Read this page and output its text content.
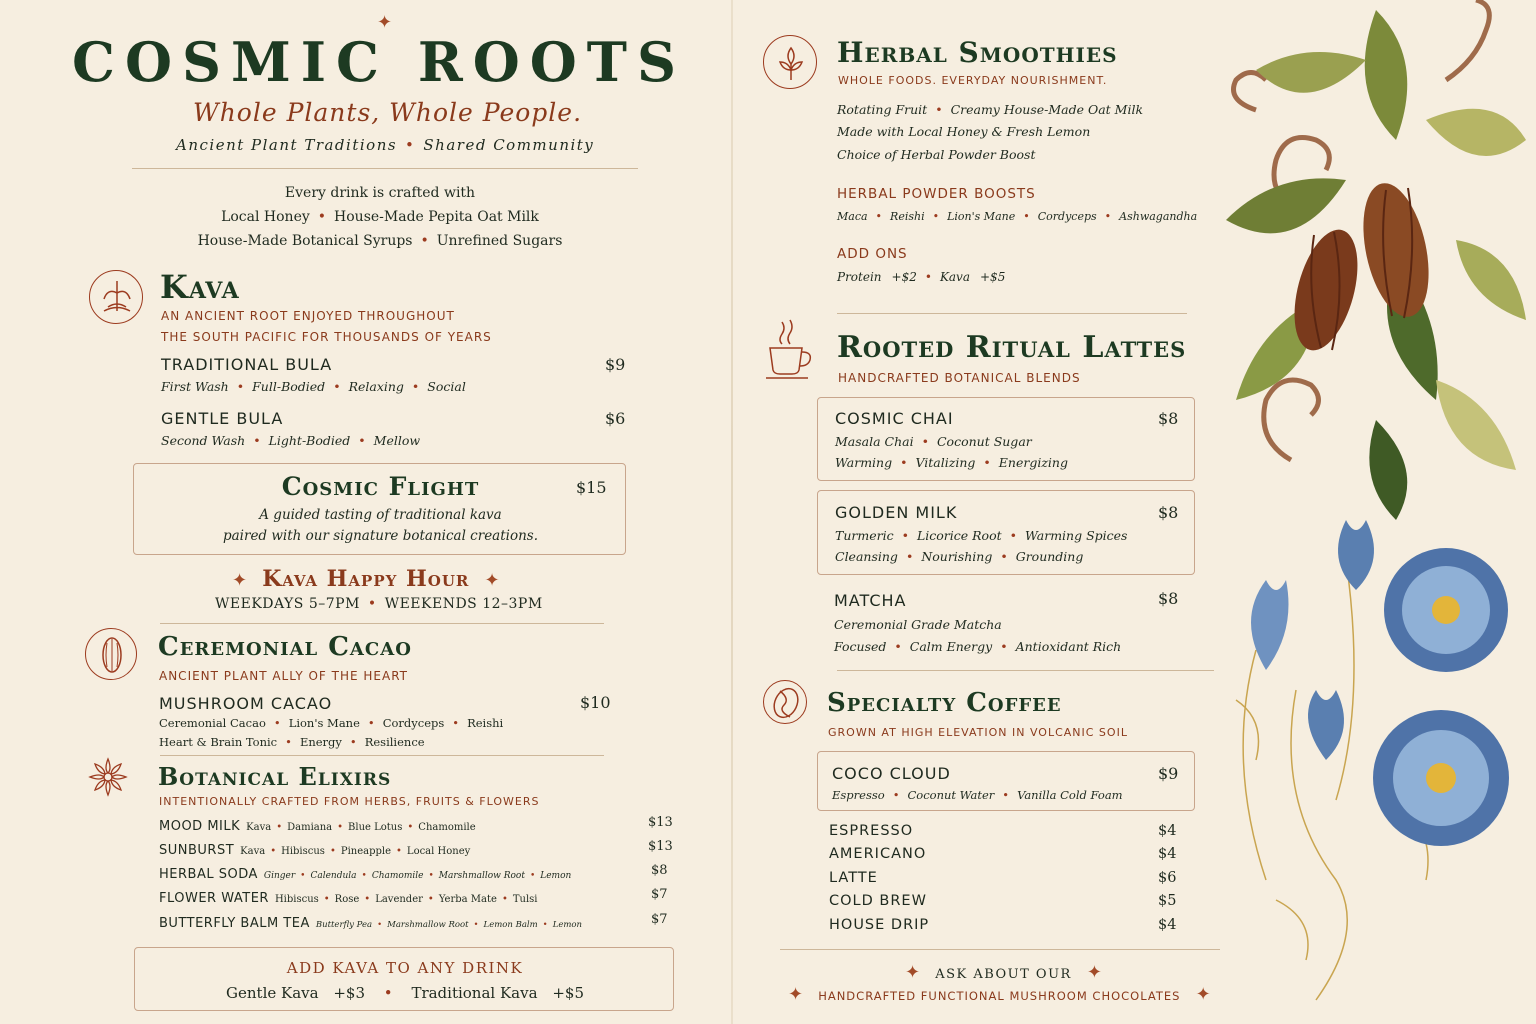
✦
COSMIC ROOTS
Whole Plants, Whole People.
Ancient Plant Traditions • Shared Community
Every drink is crafted with
Local Honey • House-Made Pepita Oat Milk
House-Made Botanical Syrups • Unrefined Sugars
Kava
AN ANCIENT ROOT ENJOYED THROUGHOUT
THE SOUTH PACIFIC FOR THOUSANDS OF YEARS
TRADITIONAL BULA	$9
First Wash • Full-Bodied • Relaxing • Social
GENTLE BULA	$6
Second Wash • Light-Bodied • Mellow
Cosmic Flight	$15
A guided tasting of traditional kava
paired with our signature botanical creations.
✦ Kava Happy Hour ✦
WEEKDAYS 5–7PM • WEEKENDS 12–3PM
Ceremonial Cacao
ANCIENT PLANT ALLY OF THE HEART
MUSHROOM CACAO	$10
Ceremonial Cacao • Lion's Mane • Cordyceps • Reishi
Heart & Brain Tonic • Energy • Resilience
Botanical Elixirs
INTENTIONALLY CRAFTED FROM HERBS, FRUITS & FLOWERS
MOOD MILK Kava • Damiana • Blue Lotus • Chamomile	$13
SUNBURST Kava • Hibiscus • Pineapple • Local Honey	$13
HERBAL SODA Ginger • Calendula • Chamomile • Marshmallow Root • Lemon	$8
FLOWER WATER Hibiscus • Rose • Lavender • Yerba Mate • Tulsi	$7
BUTTERFLY BALM TEA Butterfly Pea • Marshmallow Root • Lemon Balm • Lemon	$7
ADD KAVA TO ANY DRINK
Gentle Kava +$3 • Traditional Kava +$5
Herbal Smoothies
WHOLE FOODS. EVERYDAY NOURISHMENT.
Rotating Fruit • Creamy House-Made Oat Milk
Made with Local Honey & Fresh Lemon
Choice of Herbal Powder Boost
HERBAL POWDER BOOSTS
Maca • Reishi • Lion's Mane • Cordyceps • Ashwagandha
ADD ONS
Protein +$2 • Kava +$5
Rooted Ritual Lattes
HANDCRAFTED BOTANICAL BLENDS
COSMIC CHAI	$8
Masala Chai • Coconut Sugar
Warming • Vitalizing • Energizing
GOLDEN MILK	$8
Turmeric • Licorice Root • Warming Spices
Cleansing • Nourishing • Grounding
MATCHA	$8
Ceremonial Grade Matcha
Focused • Calm Energy • Antioxidant Rich
Specialty Coffee
GROWN AT HIGH ELEVATION IN VOLCANIC SOIL
COCO CLOUD	$9
Espresso • Coconut Water • Vanilla Cold Foam
ESPRESSO	$4
AMERICANO	$4
LATTE	$6
COLD BREW	$5
HOUSE DRIP	$4
✦ ASK ABOUT OUR ✦
✦ HANDCRAFTED FUNCTIONAL MUSHROOM CHOCOLATES ✦
